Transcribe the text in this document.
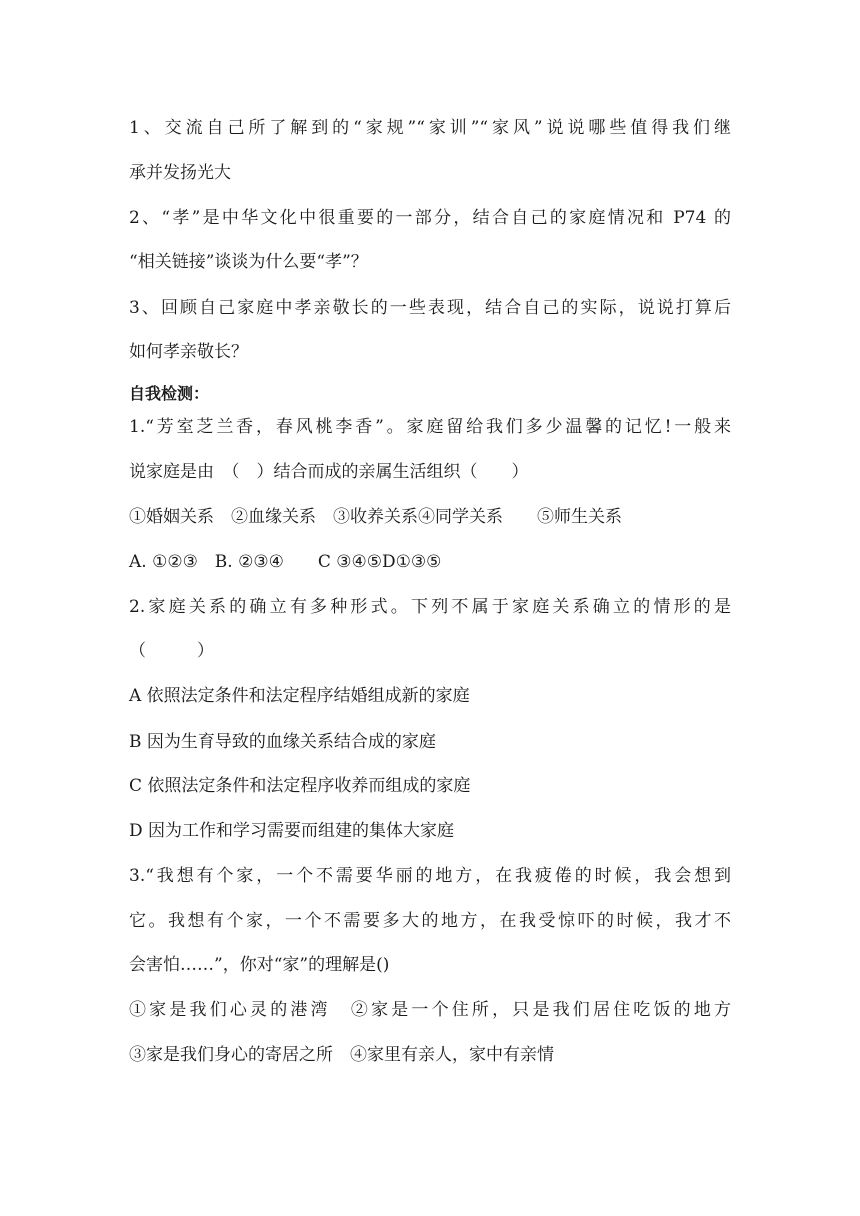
1、交流自己所了解到的“家规”“家训”“家风”说说哪些值得我们继
承并发扬光大
2、“孝”是中华文化中很重要的一部分，结合自己的家庭情况和 P74 的
“相关链接”谈谈为什么要“孝”？
3、回顾自己家庭中孝亲敬长的一些表现，结合自己的实际，说说打算后
如何孝亲敬长？
自我检测：
1.“芳室芝兰香，春风桃李香”。家庭留给我们多少温馨的记忆!一般来
说家庭是由　（　）结合而成的亲属生活组织（　　）
①婚姻关系　②血缘关系　③收养关系④同学关系　　⑤师生关系
A. ①②③　B. ②③④　　C ③④⑤D①③⑤
2.家庭关系的确立有多种形式。下列不属于家庭关系确立的情形的是
（　　　）
A 依照法定条件和法定程序结婚组成新的家庭
B 因为生育导致的血缘关系结合成的家庭
C 依照法定条件和法定程序收养而组成的家庭
D 因为工作和学习需要而组建的集体大家庭
3.“我想有个家，一个不需要华丽的地方，在我疲倦的时候，我会想到
它。我想有个家，一个不需要多大的地方，在我受惊吓的时候，我才不
会害怕……”，你对“家”的理解是()
①家是我们心灵的港湾　②家是一个住所，只是我们居住吃饭的地方
③家是我们身心的寄居之所　④家里有亲人，家中有亲情
